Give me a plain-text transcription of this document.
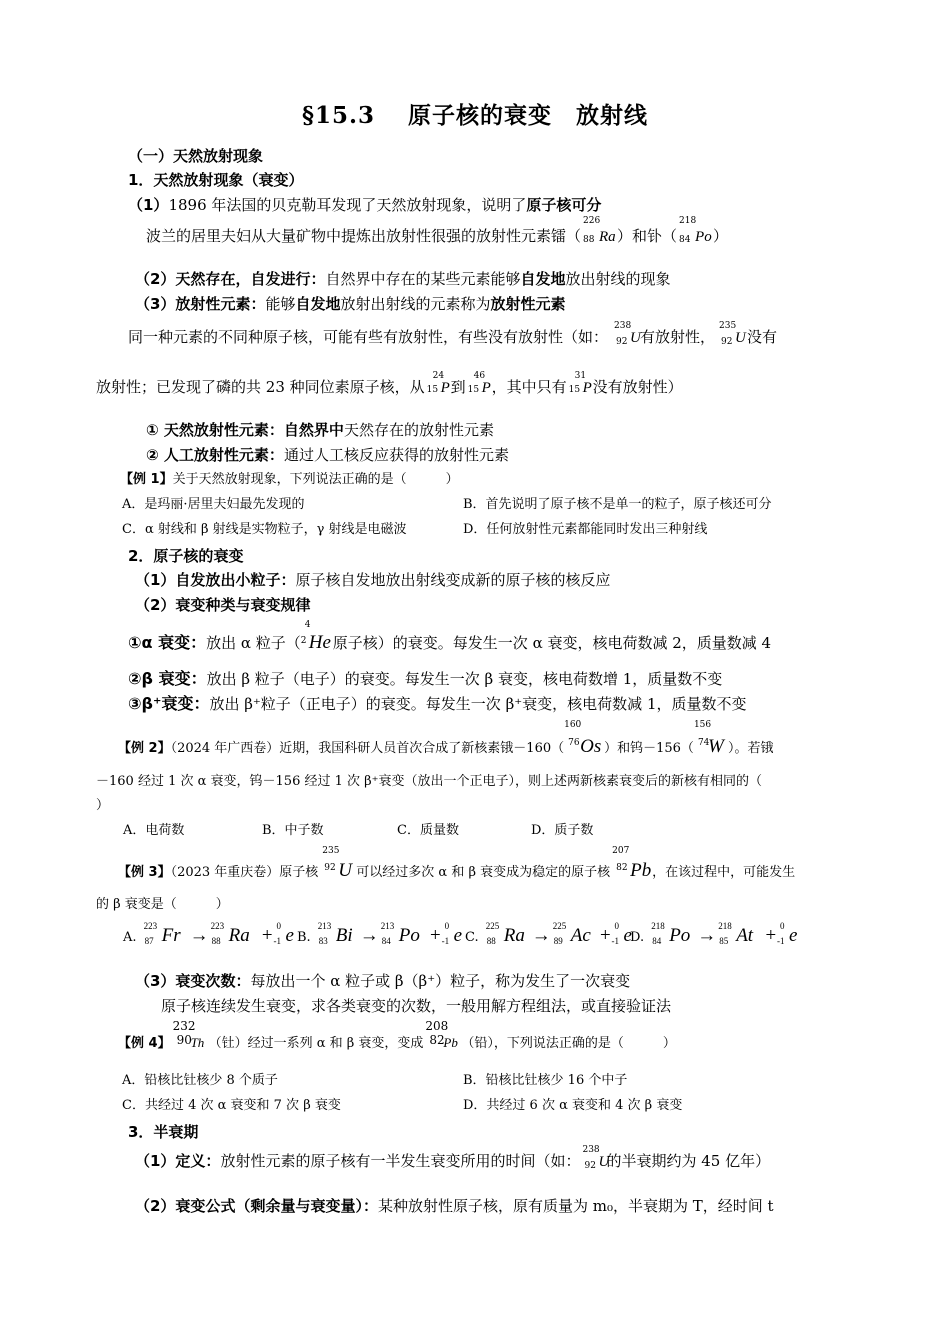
§15.3　 原子核的衰变　放射线
（一）天然放射现象
1．天然放射现象（衰变）
（1）1896 年法国的贝克勒耳发现了天然放射现象，说明了原子核可分
波兰的居里夫妇从大量矿物中提炼出放射性很强的放射性元素镭（
226
88 Ra）和钋（
218
84 Po）
（2）天然存在，自发进行：自然界中存在的某些元素能够自发地放出射线的现象
（3）放射性元素：能够自发地放射出射线的元素称为放射性元素
同一种元素的不同种原子核，可能有些有放射性，有些没有放射性（如：
238
92 U有放射性，
235
92 U没有
放射性；已发现了磷的共 23 种同位素原子核，从
24
15 P到
46
15 P，其中只有
31
15 P没有放射性）
① 天然放射性元素：自然界中天然存在的放射性元素
② 人工放射性元素：通过人工核反应获得的放射性元素
【例 1】关于天然放射现象，下列说法正确的是（　　　）
A．是玛丽·居里夫妇最先发现的	B．首先说明了原子核不是单一的粒子，原子核还可分
C．α 射线和 β 射线是实物粒子，γ 射线是电磁波	D．任何放射性元素都能同时发出三种射线
2．原子核的衰变
（1）自发放出小粒子：原子核自发地放出射线变成新的原子核的核反应
（2）衰变种类与衰变规律
①α 衰变：放出 α 粒子（
4
2 He 原子核）的衰变。每发生一次 α 衰变，核电荷数减 2，质量数减 4
②β 衰变：放出 β 粒子（电子）的衰变。每发生一次 β 衰变，核电荷数增 1，质量数不变
③β⁺衰变：放出 β⁺粒子（正电子）的衰变。每发生一次 β⁺衰变，核电荷数减 1，质量数不变
【例 2】（2024 年广西卷）近期，我国科研人员首次合成了新核素锇－160（
160
76 Os ）和钨－156（
156
74
W ）。若锇
－160 经过 1 次 α 衰变，钨－156 经过 1 次 β⁺衰变（放出一个正电子），则上述两新核素衰变后的新核有相同的（
）
A．电荷数	B．中子数	C．质量数	D．质子数
【例 3】（2023 年重庆卷）原子核
235
92 U 可以经过多次 α 和 β 衰变成为稳定的原子核
207
82 Pb，在该过程中，可能发生
的 β 衰变是（　　　）
A.
223
87 Fr → 223
88 Ra + 0
-1 e B.
213
83 Bi → 213
84 Po + 0
-1 e C.
225
88 Ra → 225
89 Ac + 0
-1 e
D.
218
84 Po → 218
85 At + 0
-1 e
（3）衰变次数：每放出一个 α 粒子或 β（β⁺）粒子，称为发生了一次衰变
原子核连续发生衰变，求各类衰变的次数，一般用解方程组法，或直接验证法
【例 4】
232
90
Th （钍）经过一系列 α 和 β 衰变，变成
208
82
Pb （铅），下列说法正确的是（　　　）
A．铅核比钍核少 8 个质子	B．铅核比钍核少 16 个中子
C．共经过 4 次 α 衰变和 7 次 β 衰变	D．共经过 6 次 α 衰变和 4 次 β 衰变
3．半衰期
（1）定义：放射性元素的原子核有一半发生衰变所用的时间（如：
238
92 U的半衰期约为 45 亿年）
（2）衰变公式（剩余量与衰变量）：某种放射性原子核，原有质量为 m₀，半衰期为 T，经时间 t
